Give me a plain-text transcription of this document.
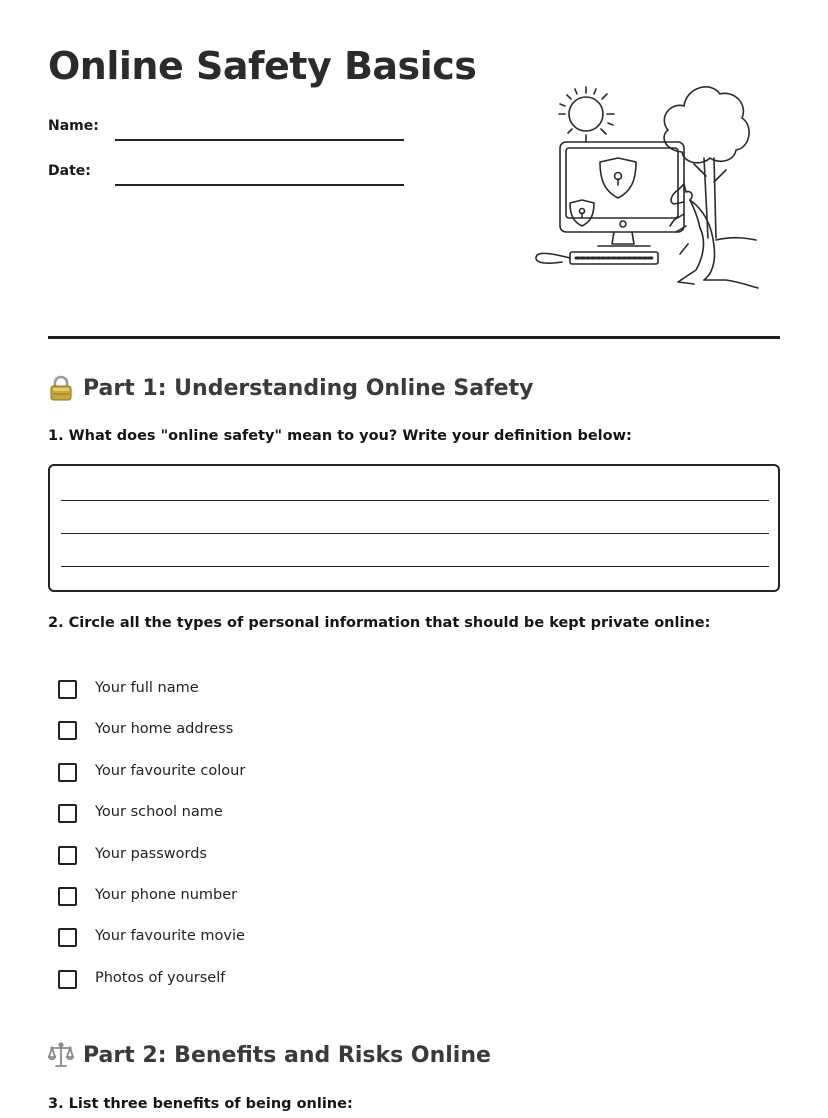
Online Safety Basics
Name:
Date:
Part 1: Understanding Online Safety

1. What does "online safety" mean to you? Write your definition below:

2. Circle all the types of personal information that should be kept private online:

Your full name
Your home address
Your favourite colour
Your school name
Your passwords
Your phone number
Your favourite movie
Photos of yourself
Part 2: Benefits and Risks Online

3. List three benefits of being online:
